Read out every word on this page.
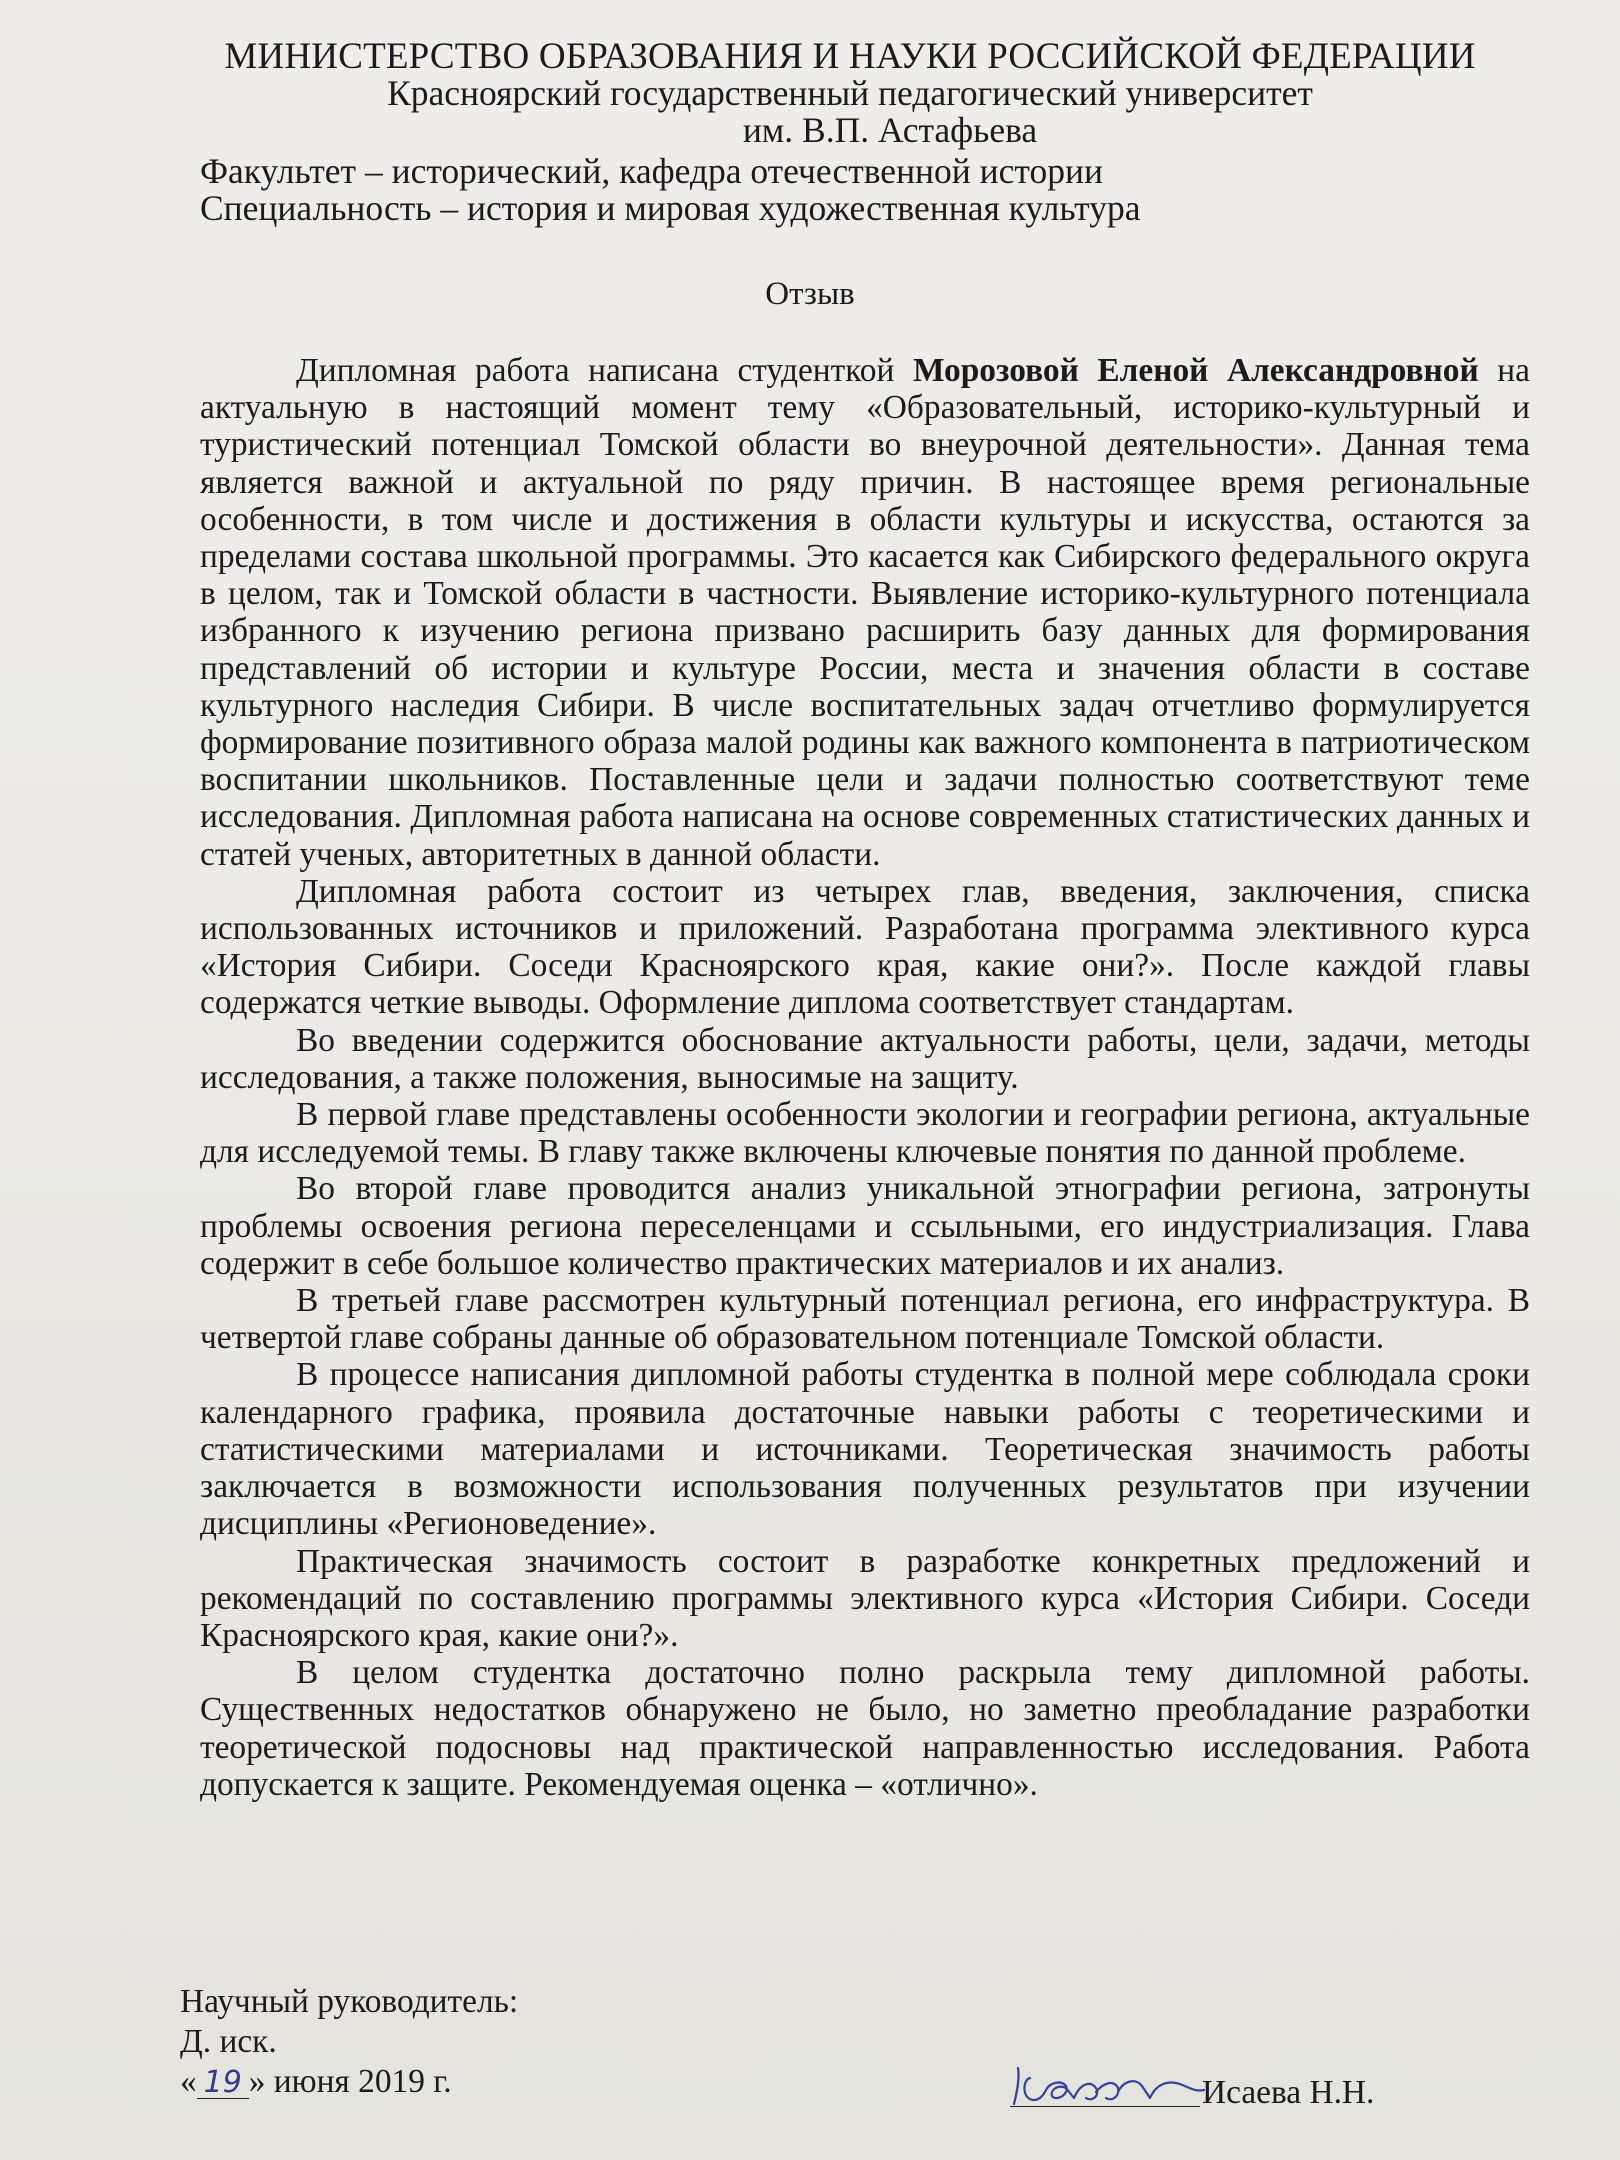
МИНИСТЕРСТВО ОБРАЗОВАНИЯ И НАУКИ РОССИЙСКОЙ ФЕДЕРАЦИИ
Красноярский государственный педагогический университет
им. В.П. Астафьева
Факультет – исторический, кафедра отечественной истории
Специальность – история и мировая художественная культура
Отзыв

Дипломная работа написана студенткой Морозовой Еленой Александровной на актуальную в настоящий момент тему «Образовательный, историко-культурный и туристический потенциал Томской области во внеурочной деятельности». Данная тема является важной и актуальной по ряду причин. В настоящее время региональные особенности, в том числе и достижения в области культуры и искусства, остаются за пределами состава школьной программы. Это касается как Сибирского федерального округа в целом, так и Томской области в частности. Выявление историко-культурного потенциала избранного к изучению региона призвано расширить базу данных для формирования представлений об истории и культуре России, места и значения области в составе культурного наследия Сибири. В числе воспитательных задач отчетливо формулируется формирование позитивного образа малой родины как важного компонента в патриотическом воспитании школьников. Поставленные цели и задачи полностью соответствуют теме исследования. Дипломная работа написана на основе современных статистических данных и статей ученых, авторитетных в данной области.

Дипломная работа состоит из четырех глав, введения, заключения, списка использованных источников и приложений. Разработана программа элективного курса «История Сибири. Соседи Красноярского края, какие они?». После каждой главы содержатся четкие выводы. Оформление диплома соответствует стандартам.

Во введении содержится обоснование актуальности работы, цели, задачи, методы исследования, а также положения, выносимые на защиту.

В первой главе представлены особенности экологии и географии региона, актуальные для исследуемой темы. В главу также включены ключевые понятия по данной проблеме.

Во второй главе проводится анализ уникальной этнографии региона, затронуты проблемы освоения региона переселенцами и ссыльными, его индустриализация. Глава содержит в себе большое количество практических материалов и их анализ.

В третьей главе рассмотрен культурный потенциал региона, его инфраструктура. В четвертой главе собраны данные об образовательном потенциале Томской области.

В процессе написания дипломной работы студентка в полной мере соблюдала сроки календарного графика, проявила достаточные навыки работы с теоретическими и статистическими материалами и источниками. Теоретическая значимость работы заключается в возможности использования полученных результатов при изучении дисциплины «Регионоведение».

Практическая значимость состоит в разработке конкретных предложений и рекомендаций по составлению программы элективного курса «История Сибири. Соседи Красноярского края, какие они?».

В целом студентка достаточно полно раскрыла тему дипломной работы. Существенных недостатков обнаружено не было, но заметно преобладание разработки теоретической подосновы над практической направленностью исследования. Работа допускается к защите. Рекомендуемая оценка – «отлично».

Научный руководитель:
Д. иск.
« 19 » июня 2019 г.	Исаева Н.Н.
